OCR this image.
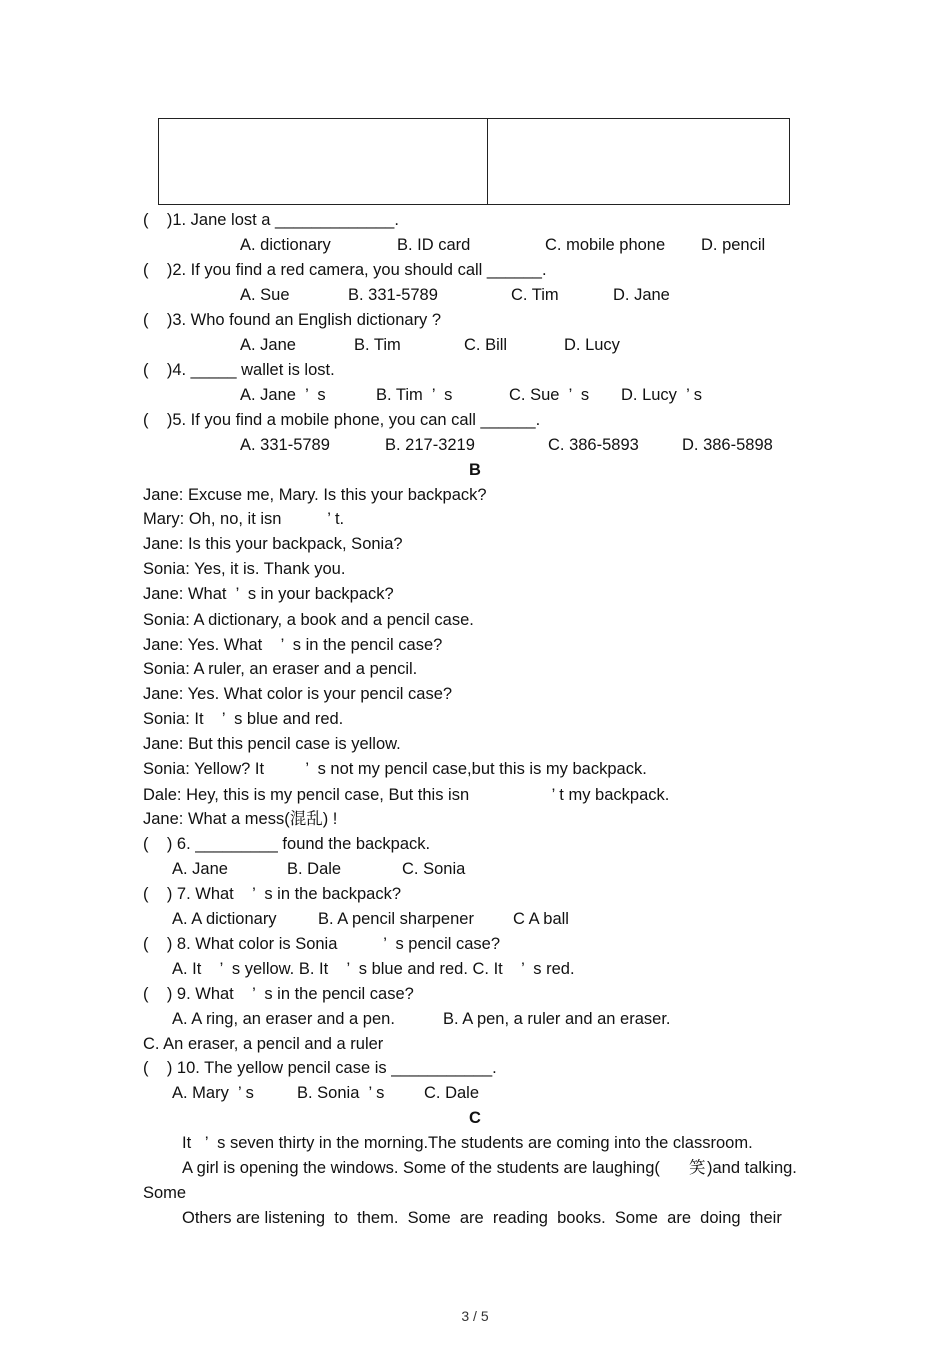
(    )1. Jane lost a _____________.
A. dictionary	B. ID card	C. mobile phone D. pencil
(    )2. If you find a red camera, you should call ______.
A. Sue	B. 331-5789	C. Tim	D. Jane
(    )3. Who found an English dictionary ?
A. Jane	B. Tim	C. Bill	D. Lucy
(    )4. _____ wallet is lost.
A. Jane  ’  s	B. Tim  ’  s	C. Sue  ’  s D. Lucy  ’ s
(    )5. If you find a mobile phone, you can call ______.
A. 331-5789	B. 217-3219	C. 386-5893	D. 386-5898
B
Jane: Excuse me, Mary. Is this your backpack?
Mary: Oh, no, it isn          ’ t.
Jane: Is this your backpack, Sonia?
Sonia: Yes, it is. Thank you.
Jane: What  ’  s in your backpack?
Sonia: A dictionary, a book and a pencil case.
Jane: Yes. What    ’  s in the pencil case?
Sonia: A ruler, an eraser and a pencil.
Jane: Yes. What color is your pencil case?
Sonia: It    ’  s blue and red.
Jane: But this pencil case is yellow.
Sonia: Yellow? It         ’  s not my pencil case,but this is my backpack.
Dale: Hey, this is my pencil case, But this isn                  ’ t my backpack.
Jane: What a mess(混乱) !
(    ) 6. _________ found the backpack.
A. Jane	B. Dale	C. Sonia
(    ) 7. What    ’  s in the backpack?
A. A dictionary	B. A pencil sharpener C A ball
(    ) 8. What color is Sonia          ’  s pencil case?
A. It    ’  s yellow. B. It    ’  s blue and red. C. It    ’  s red.
(    ) 9. What    ’  s in the pencil case?
A. A ring, an eraser and a pen.	B. A pen, a ruler and an eraser.
C. An eraser, a pencil and a ruler
(    ) 10. The yellow pencil case is ___________.
A. Mary  ’ s	B. Sonia  ’ s C. Dale
C
It   ’  s seven thirty in the morning. The students are coming into the classroom.
A girl is opening the windows. Some of the students are laughing( 笑 )and talking.
Some
Others are listening  to  them.  Some  are  reading  books.  Some  are  doing  their
3 / 5
